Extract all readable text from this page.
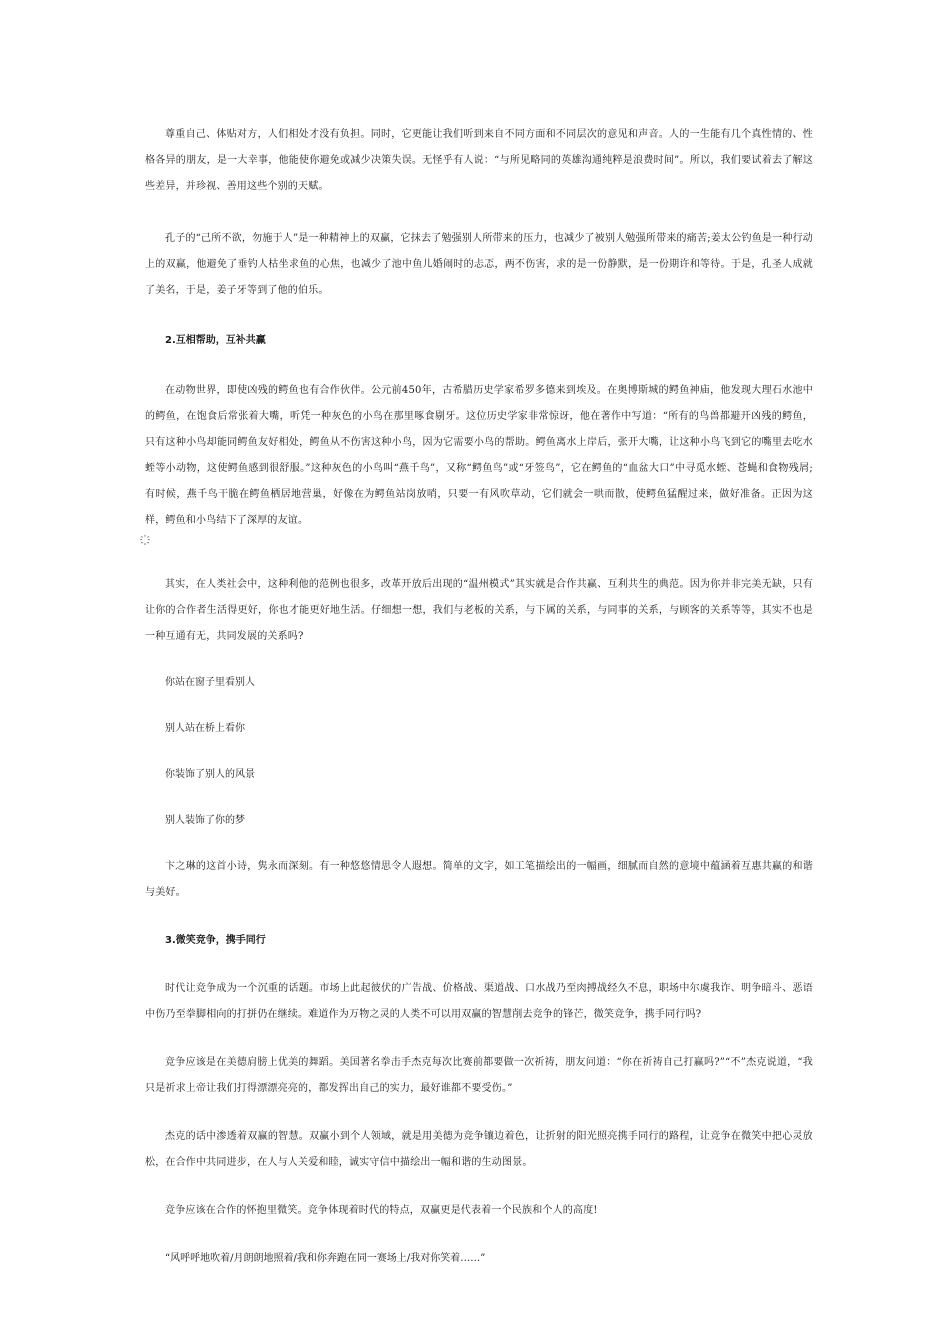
尊重自己、体贴对方，人们相处才没有负担。同时，它更能让我们听到来自不同方面和不同层次的意见和声音。人的一生能有几个真性情的、性格各异的朋友，是一大幸事，他能使你避免或减少决策失误。无怪乎有人说：“与所见略同的英雄沟通纯粹是浪费时间”。所以，我们要试着去了解这些差异，并珍视、善用这些个别的天赋。

孔子的“己所不欲，勿施于人”是一种精神上的双赢，它抹去了勉强别人所带来的压力，也减少了被别人勉强所带来的痛苦;姜太公钓鱼是一种行动上的双赢，他避免了垂钓人枯坐求鱼的心焦，也减少了池中鱼儿婚闹时的忐忑，两不伤害，求的是一份静默，是一份期许和等待。于是，孔圣人成就了美名，于是，姜子牙等到了他的伯乐。

2.互相帮助，互补共赢

在动物世界，即使凶残的鳄鱼也有合作伙伴。公元前450年，古希腊历史学家希罗多德来到埃及。在奥博斯城的鳄鱼神庙，他发现大理石水池中的鳄鱼，在饱食后常张着大嘴，听凭一种灰色的小鸟在那里啄食剔牙。这位历史学家非常惊讶，他在著作中写道：“所有的鸟兽都避开凶残的鳄鱼，只有这种小鸟却能同鳄鱼友好相处，鳄鱼从不伤害这种小鸟，因为它需要小鸟的帮助。鳄鱼离水上岸后，张开大嘴，让这种小鸟飞到它的嘴里去吃水蛭等小动物，这使鳄鱼感到很舒服。”这种灰色的小鸟叫“燕千鸟”，又称“鳄鱼鸟”或“牙签鸟”，它在鳄鱼的“血盆大口”中寻觅水蛭、苍蝇和食物残屑;有时候，燕千鸟干脆在鳄鱼栖居地营巢，好像在为鳄鱼站岗放哨，只要一有风吹草动，它们就会一哄而散，使鳄鱼猛醒过来，做好准备。正因为这样，鳄鱼和小鸟结下了深厚的友谊。

其实，在人类社会中，这种利他的范例也很多，改革开放后出现的“温州模式”其实就是合作共赢、互利共生的典范。因为你并非完美无缺，只有让你的合作者生活得更好，你也才能更好地生活。仔细想一想，我们与老板的关系，与下属的关系，与同事的关系，与顾客的关系等等，其实不也是一种互通有无，共同发展的关系吗?

你站在窗子里看别人

别人站在桥上看你

你装饰了别人的风景

别人装饰了你的梦

卞之琳的这首小诗，隽永而深刻。有一种悠悠情思令人遐想。简单的文字，如工笔描绘出的一幅画，细腻而自然的意境中蕴涵着互惠共赢的和谐与美好。

3.微笑竞争，携手同行

时代让竞争成为一个沉重的话题。市场上此起彼伏的广告战、价格战、渠道战、口水战乃至肉搏战经久不息，职场中尔虞我诈、明争暗斗、恶语中伤乃至拳脚相向的打拼仍在继续。难道作为万物之灵的人类不可以用双赢的智慧削去竞争的锋芒，微笑竞争，携手同行吗?

竞争应该是在美德肩膀上优美的舞蹈。美国著名拳击手杰克每次比赛前都要做一次祈祷，朋友问道：“你在祈祷自己打赢吗?”“不”杰克说道，“我只是祈求上帝让我们打得漂漂亮亮的，都发挥出自己的实力，最好谁都不要受伤。”

杰克的话中渗透着双赢的智慧。双赢小到个人领域，就是用美德为竞争镶边着色，让折射的阳光照亮携手同行的路程，让竞争在微笑中把心灵放松，在合作中共同进步，在人与人关爱和睦，诚实守信中描绘出一幅和谐的生动图景。

竞争应该在合作的怀抱里微笑。竞争体现着时代的特点，双赢更是代表着一个民族和个人的高度!

“风呼呼地吹着/月朗朗地照着/我和你奔跑在同一赛场上/我对你笑着……”
